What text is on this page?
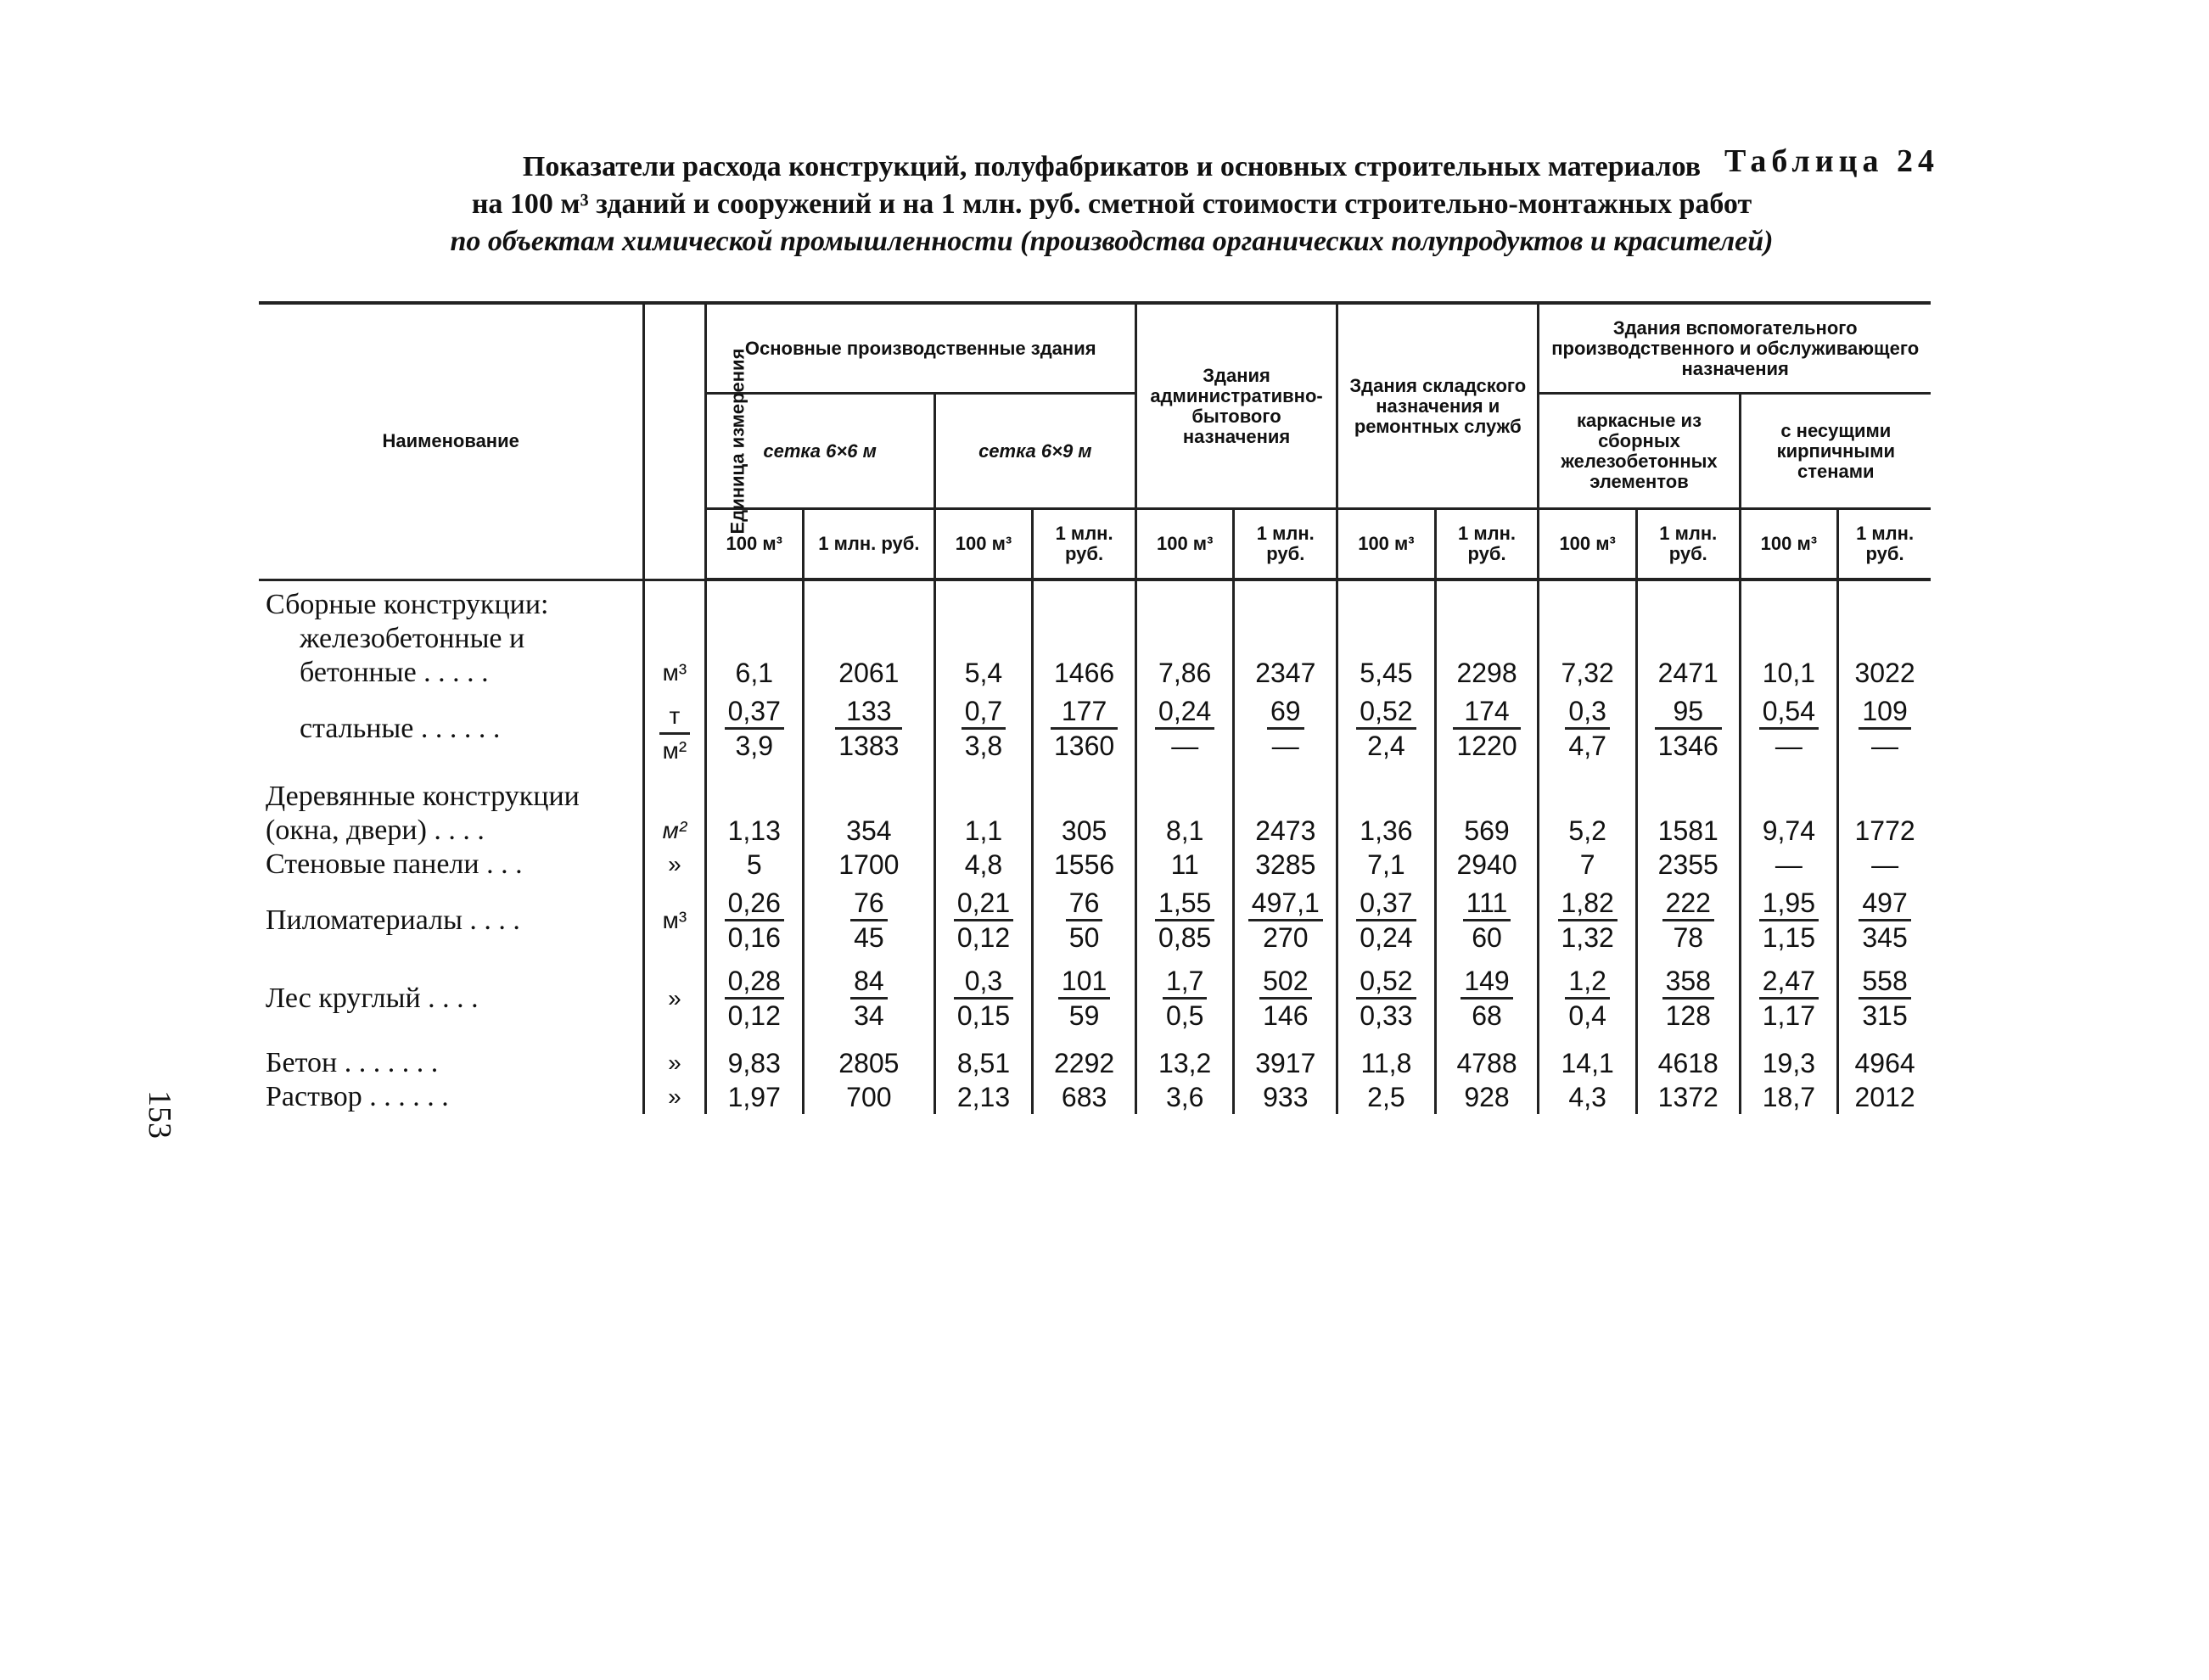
Таблица 24
Показатели расхода конструкций, полуфабрикатов и основных строительных материалов
на 100 м³ зданий и сооружений и на 1 млн. руб. сметной стоимости строительно-монтажных работ
по объектам химической промышленности (производства органических полупродуктов и красителей)
153
Наименование	Единица измерения	Основные производственные здания				Здания административно-бытового назначения		Здания складского назначения и ремонтных служб		Здания вспомогательного производственного и обслуживающего назначения			
		сетка 6×6 м		сетка 6×9 м						каркасные из сборных железобетонных элементов		с несущими кирпичными стенами	
		100 м³	1 млн. руб.	100 м³	1 млн. руб.	100 м³	1 млн. руб.	100 м³	1 млн. руб.	100 м³	1 млн. руб.	100 м³	1 млн. руб.
Сборные конструкции:													

железобетонные и бетонные . . . . .	м³	6,1	2061	5,4	1466	7,86	2347	5,45	2298	7,32	2471	10,1	3022

стальные . . . . . .	$\frac{т}{\text{м²}}$	$\frac{0,37}{3,9}$	$\frac{133}{1383}$	$\frac{0,7}{3,8}$	$\frac{177}{1360}$	$\frac{0,24}{—}$	$\frac{69}{—}$	$\frac{0,52}{2,4}$	$\frac{174}{1220}$	$\frac{0,3}{4,7}$	$\frac{95}{1346}$	$\frac{0,54}{—}$	$\frac{109}{—}$

Деревянные конструкции													
(окна, двери) . . . .	м²	1,13	354	1,1	305	8,1	2473	1,36	569	5,2	1581	9,74	1772
Стеновые панели . . .	»	5	1700	4,8	1556	11	3285	7,1	2940	7	2355	—	—
Пиломатериалы . . . .	м³	$\frac{0,26}{0,16}$	$\frac{76}{45}$	$\frac{0,21}{0,12}$	$\frac{76}{50}$	$\frac{1,55}{0,85}$	$\frac{497,1}{270}$	$\frac{0,37}{0,24}$	$\frac{111}{60}$	$\frac{1,82}{1,32}$	$\frac{222}{78}$	$\frac{1,95}{1,15}$	$\frac{497}{345}$

Лес круглый . . . .	»	$\frac{0,28}{0,12}$	$\frac{84}{34}$	$\frac{0,3}{0,15}$	$\frac{101}{59}$	$\frac{1,7}{0,5}$	$\frac{502}{146}$	$\frac{0,52}{0,33}$	$\frac{149}{68}$	$\frac{1,2}{0,4}$	$\frac{358}{128}$	$\frac{2,47}{1,17}$	$\frac{558}{315}$

Бетон . . . . . . .	»	9,83	2805	8,51	2292	13,2	3917	11,8	4788	14,1	4618	19,3	4964
Раствор . . . . . .	»	1,97	700	2,13	683	3,6	933	2,5	928	4,3	1372	18,7	2012
